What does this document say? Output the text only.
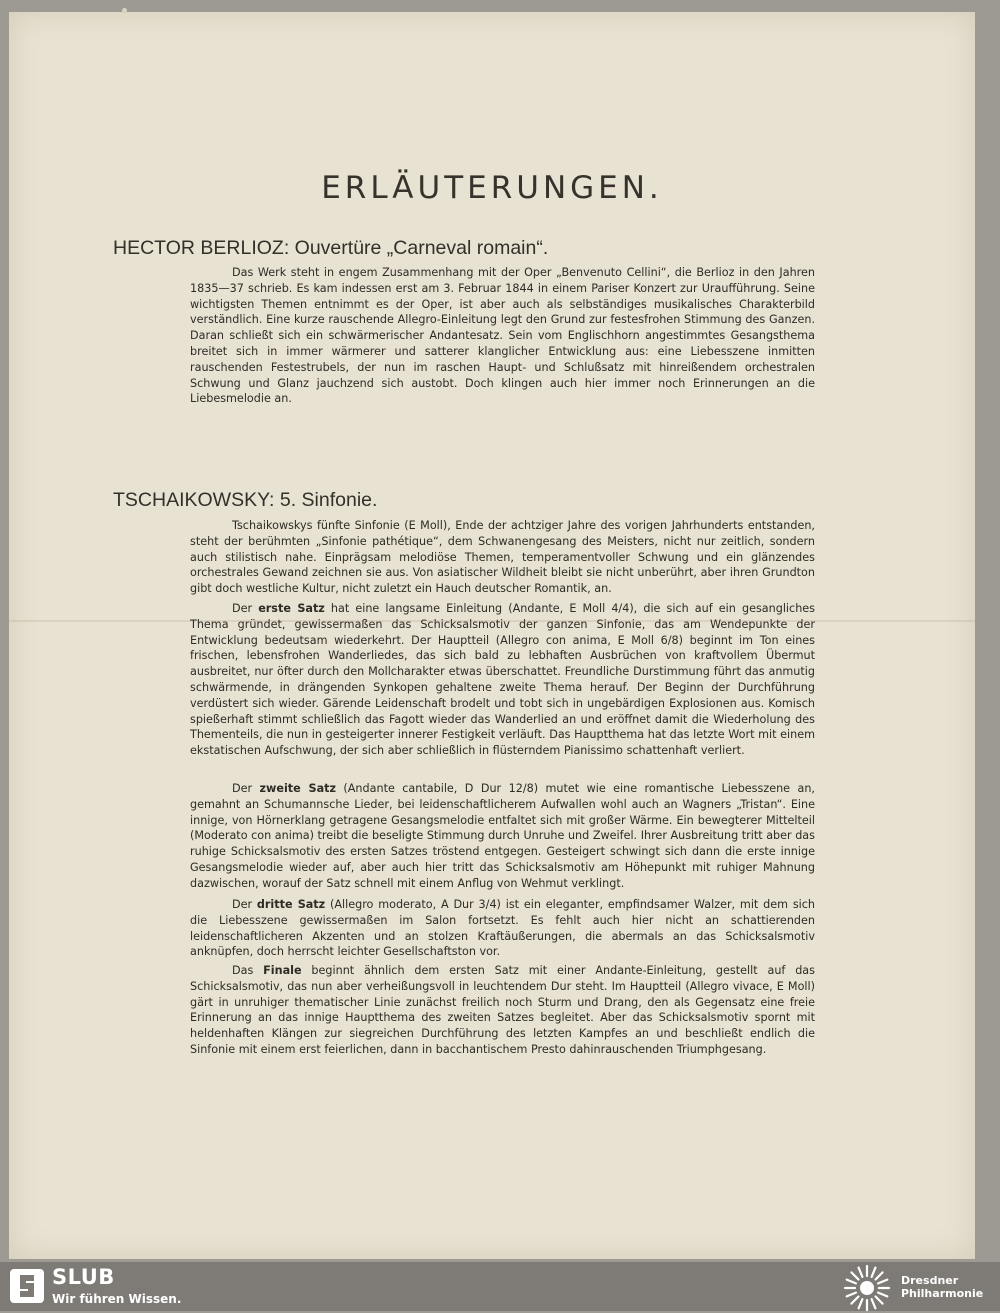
ERLÄUTERUNGEN.
HECTOR BERLIOZ: Ouvertüre „Carneval romain“.

Das Werk steht in engem Zusammenhang mit der Oper „Benvenuto Cellini“, die Berlioz in den Jahren 1835—37 schrieb. Es kam indessen erst am 3. Februar 1844 in einem Pariser Konzert zur Uraufführung. Seine wichtigsten Themen entnimmt es der Oper, ist aber auch als selbständiges musikalisches Charakterbild verständlich. Eine kurze rauschende Allegro-Einleitung legt den Grund zur festesfrohen Stimmung des Ganzen. Daran schließt sich ein schwärmerischer Andantesatz. Sein vom Englischhorn angestimmtes Gesangsthema breitet sich in immer wärmerer und satterer klanglicher Entwicklung aus: eine Liebesszene inmitten rauschenden Festestrubels, der nun im raschen Haupt- und Schlußsatz mit hinreißendem orchestralen Schwung und Glanz jauchzend sich austobt. Doch klingen auch hier immer noch Erinnerungen an die Liebesmelodie an.

TSCHAIKOWSKY: 5. Sinfonie.

Tschaikowskys fünfte Sinfonie (E Moll), Ende der achtziger Jahre des vorigen Jahrhunderts entstanden, steht der berühmten „Sinfonie pathétique“, dem Schwanengesang des Meisters, nicht nur zeitlich, sondern auch stilistisch nahe. Einprägsam melodiöse Themen, temperamentvoller Schwung und ein glänzendes orchestrales Gewand zeichnen sie aus. Von asiatischer Wildheit bleibt sie nicht unberührt, aber ihren Grundton gibt doch westliche Kultur, nicht zuletzt ein Hauch deutscher Romantik, an.

Der erste Satz hat eine langsame Einleitung (Andante, E Moll 4/4), die sich auf ein gesangliches Thema gründet, gewissermaßen das Schicksalsmotiv der ganzen Sinfonie, das am Wendepunkte der Entwicklung bedeutsam wiederkehrt. Der Hauptteil (Allegro con anima, E Moll 6/8) beginnt im Ton eines frischen, lebensfrohen Wanderliedes, das sich bald zu lebhaften Ausbrüchen von kraftvollem Übermut ausbreitet, nur öfter durch den Mollcharakter etwas überschattet. Freundliche Durstimmung führt das anmutig schwärmende, in drängenden Synkopen gehaltene zweite Thema herauf. Der Beginn der Durchführung verdüstert sich wieder. Gärende Leidenschaft brodelt und tobt sich in ungebärdigen Explosionen aus. Komisch spießerhaft stimmt schließlich das Fagott wieder das Wanderlied an und eröffnet damit die Wiederholung des Thementeils, die nun in gesteigerter innerer Festigkeit verläuft. Das Hauptthema hat das letzte Wort mit einem ekstatischen Aufschwung, der sich aber schließlich in flüsterndem Pianissimo schattenhaft verliert.

Der zweite Satz (Andante cantabile, D Dur 12/8) mutet wie eine romantische Liebesszene an, gemahnt an Schumannsche Lieder, bei leidenschaftlicherem Aufwallen wohl auch an Wagners „Tristan“. Eine innige, von Hörnerklang getragene Gesangsmelodie entfaltet sich mit großer Wärme. Ein bewegterer Mittelteil (Moderato con anima) treibt die beseligte Stimmung durch Unruhe und Zweifel. Ihrer Ausbreitung tritt aber das ruhige Schicksalsmotiv des ersten Satzes tröstend entgegen. Gesteigert schwingt sich dann die erste innige Gesangsmelodie wieder auf, aber auch hier tritt das Schicksalsmotiv am Höhepunkt mit ruhiger Mahnung dazwischen, worauf der Satz schnell mit einem Anflug von Wehmut verklingt.

Der dritte Satz (Allegro moderato, A Dur 3/4) ist ein eleganter, empfindsamer Walzer, mit dem sich die Liebesszene gewissermaßen im Salon fortsetzt. Es fehlt auch hier nicht an schattierenden leidenschaftlicheren Akzenten und an stolzen Kraftäußerungen, die abermals an das Schicksalsmotiv anknüpfen, doch herrscht leichter Gesellschaftston vor.

Das Finale beginnt ähnlich dem ersten Satz mit einer Andante-Einleitung, gestellt auf das Schicksalsmotiv, das nun aber verheißungsvoll in leuchtendem Dur steht. Im Hauptteil (Allegro vivace, E Moll) gärt in unruhiger thematischer Linie zunächst freilich noch Sturm und Drang, den als Gegensatz eine freie Erinnerung an das innige Hauptthema des zweiten Satzes begleitet. Aber das Schicksalsmotiv spornt mit heldenhaften Klängen zur siegreichen Durchführung des letzten Kampfes an und beschließt endlich die Sinfonie mit einem erst feierlichen, dann in bacchantischem Presto dahinrauschenden Triumphgesang.

SLUB
Wir führen Wissen.
Dresdner
Philharmonie
